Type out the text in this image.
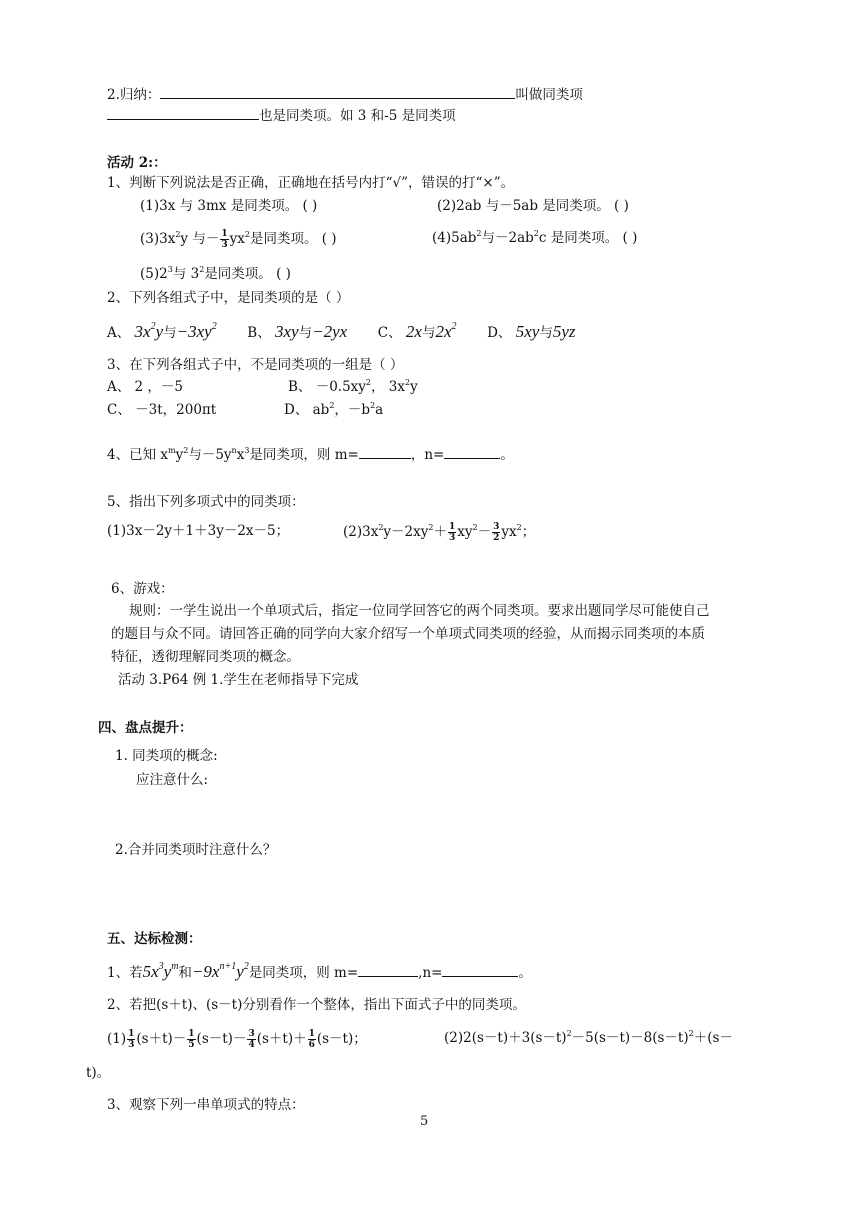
2.归纳：	叫做同类项
也是同类项。如 3 和-5 是同类项
活动 2:：
1、判断下列说法是否正确，正确地在括号内打“√”，错误的打“×”。
(1)3x 与 3mx 是同类项。 ( )	(2)2ab 与－5ab 是同类项。 ( )
$(3)3x^2y$ 与－ $\frac{1}{3} yx^2$是同类项。 ( )	$(4)5ab^2$与$-2ab^2c$ 是同类项。 ( )
$(5)2^3$与 $3^2$是同类项。 ( )
2、下列各组式子中，是同类项的是（ ）
A、 $3x^2y$与$-3xy^2$ B、 3xy与−2yx C、 2x与$2x^2$ D、 5xy与5yz
3、在下列各组式子中，不是同类项的一组是（ ）
A、 2 ，－5	B、 $-0.5xy^2$， $3x^2y$
C、 －3t，200πt	D、 $ab^2$，$-b^2a$
4、已知 $x^my^2$与$-5y^nx^3$是同类项，则 m=	，n=	。
5、指出下列多项式中的同类项：
(1)3x－2y＋1＋3y－2x－5；	$(2)3x^2y-2xy^2+ \frac{1}{3} xy^2- \frac{3}{2} yx^2$；
6、游戏：
规则：一学生说出一个单项式后，指定一位同学回答它的两个同类项。要求出题同学尽可能使自己
的题目与众不同。请回答正确的同学向大家介绍写一个单项式同类项的经验，从而揭示同类项的本质
特征，透彻理解同类项的概念。
活动 3.P64 例 1.学生在老师指导下完成
四、盘点提升：
1. 同类项的概念:
应注意什么:
2.合并同类项时注意什么？
五、达标检测：
1、若$5x^3y^m$和$-9x^{n+1}y^2$是同类项，则 m=	,n=	。
2、若把(s＋t)、(s－t)分别看作一个整体，指出下面式子中的同类项。
$(1) \frac{1}{3} (s+t)- \frac{1}{5} (s-t)- \frac{3}{4} (s+t)+ \frac{1}{6} (s-t)$；	$(2)2(s-t)+3(s-t)^2-5(s-t)-8(s-t)^2+(s-$
t)。
3、观察下列一串单项式的特点：
5
